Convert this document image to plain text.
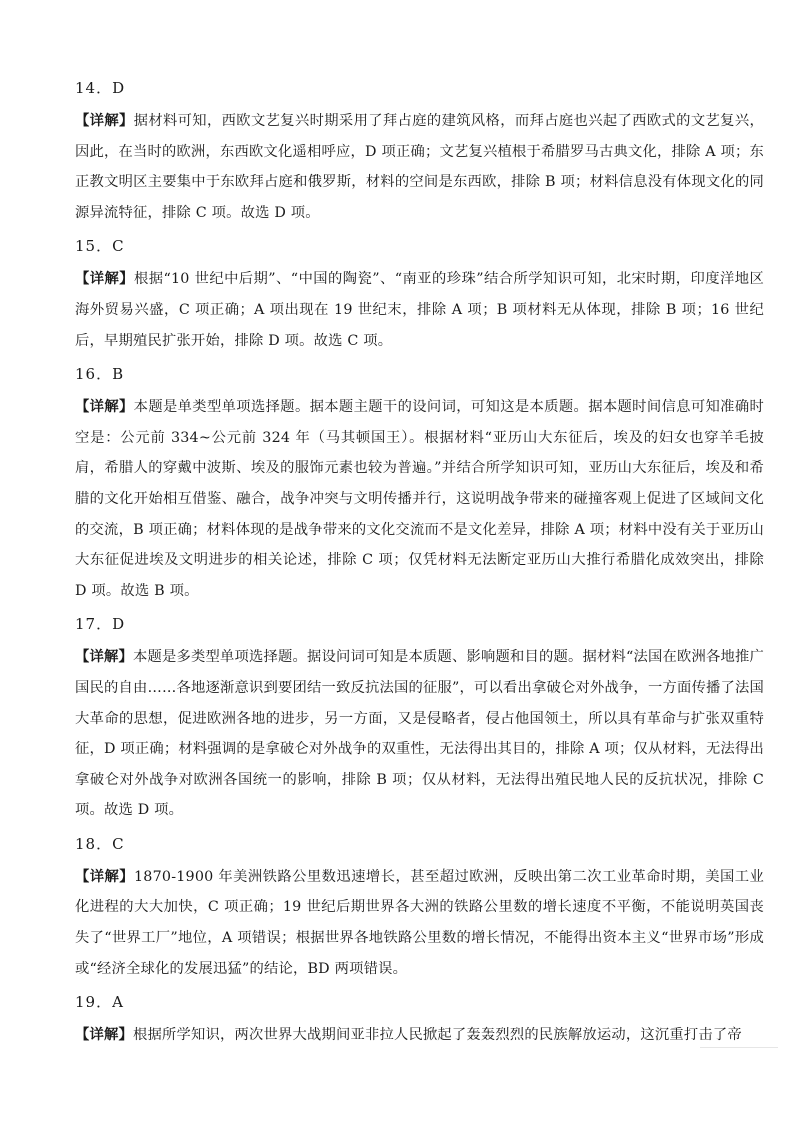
14．D

【详解】据材料可知，西欧文艺复兴时期采用了拜占庭的建筑风格，而拜占庭也兴起了西欧式的文艺复兴，因此，在当时的欧洲，东西欧文化遥相呼应，D 项正确；文艺复兴植根于希腊罗马古典文化，排除 A 项；东正教文明区主要集中于东欧拜占庭和俄罗斯，材料的空间是东西欧，排除 B 项；材料信息没有体现文化的同源异流特征，排除 C 项。故选 D 项。

15．C

【详解】根据“10 世纪中后期”、“中国的陶瓷”、“南亚的珍珠”结合所学知识可知，北宋时期，印度洋地区海外贸易兴盛，C 项正确；A 项出现在 19 世纪末，排除 A 项；B 项材料无从体现，排除 B 项；16 世纪后，早期殖民扩张开始，排除 D 项。故选 C 项。

16．B

【详解】本题是单类型单项选择题。据本题主题干的设问词，可知这是本质题。据本题时间信息可知准确时空是：公元前 334~公元前 324 年（马其顿国王）。根据材料“亚历山大东征后，埃及的妇女也穿羊毛披肩，希腊人的穿戴中波斯、埃及的服饰元素也较为普遍。”并结合所学知识可知，亚历山大东征后，埃及和希腊的文化开始相互借鉴、融合，战争冲突与文明传播并行，这说明战争带来的碰撞客观上促进了区域间文化的交流，B 项正确；材料体现的是战争带来的文化交流而不是文化差异，排除 A 项；材料中没有关于亚历山大东征促进埃及文明进步的相关论述，排除 C 项；仅凭材料无法断定亚历山大推行希腊化成效突出，排除 D 项。故选 B 项。

17．D

【详解】本题是多类型单项选择题。据设问词可知是本质题、影响题和目的题。据材料“法国在欧洲各地推广国民的自由……各地逐渐意识到要团结一致反抗法国的征服”，可以看出拿破仑对外战争，一方面传播了法国大革命的思想，促进欧洲各地的进步，另一方面，又是侵略者，侵占他国领土，所以具有革命与扩张双重特征，D 项正确；材料强调的是拿破仑对外战争的双重性，无法得出其目的，排除 A 项；仅从材料，无法得出拿破仑对外战争对欧洲各国统一的影响，排除 B 项；仅从材料，无法得出殖民地人民的反抗状况，排除 C 项。故选 D 项。

18．C

【详解】1870-1900 年美洲铁路公里数迅速增长，甚至超过欧洲，反映出第二次工业革命时期，美国工业化进程的大大加快，C 项正确；19 世纪后期世界各大洲的铁路公里数的增长速度不平衡，不能说明英国丧失了“世界工厂”地位，A 项错误；根据世界各地铁路公里数的增长情况，不能得出资本主义“世界市场”形成或“经济全球化的发展迅猛”的结论，BD 两项错误。

19．A

【详解】根据所学知识，两次世界大战期间亚非拉人民掀起了轰轰烈烈的民族解放运动，这沉重打击了帝
